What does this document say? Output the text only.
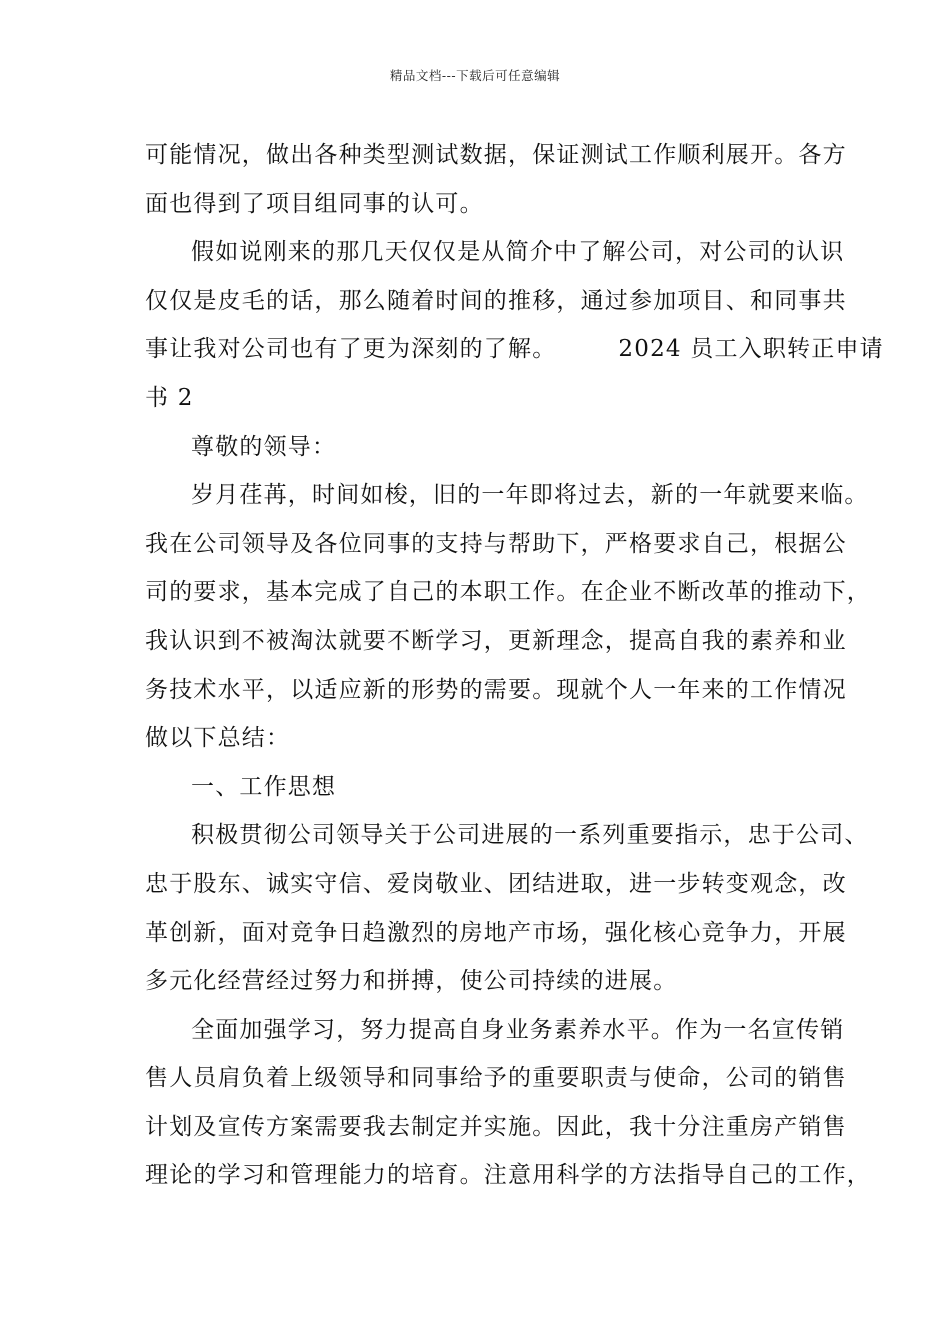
精品文档---下载后可任意编辑
可能情况，做出各种类型测试数据，保证测试工作顺利展开。各方
面也得到了项目组同事的认可。
假如说刚来的那几天仅仅是从简介中了解公司，对公司的认识
仅仅是皮毛的话，那么随着时间的推移，通过参加项目、和同事共
事让我对公司也有了更为深刻的了解。	2024 员工入职转正申请
书 2
尊敬的领导：
岁月荏苒，时间如梭，旧的一年即将过去，新的一年就要来临。
我在公司领导及各位同事的支持与帮助下，严格要求自己，根据公
司的要求，基本完成了自己的本职工作。在企业不断改革的推动下，
我认识到不被淘汰就要不断学习，更新理念，提高自我的素养和业
务技术水平，以适应新的形势的需要。现就个人一年来的工作情况
做以下总结：
一、工作思想
积极贯彻公司领导关于公司进展的一系列重要指示，忠于公司、
忠于股东、诚实守信、爱岗敬业、团结进取，进一步转变观念，改
革创新，面对竞争日趋激烈的房地产市场，强化核心竞争力，开展
多元化经营经过努力和拼搏，使公司持续的进展。
全面加强学习，努力提高自身业务素养水平。作为一名宣传销
售人员肩负着上级领导和同事给予的重要职责与使命，公司的销售
计划及宣传方案需要我去制定并实施。因此，我十分注重房产销售
理论的学习和管理能力的培育。注意用科学的方法指导自己的工作，
